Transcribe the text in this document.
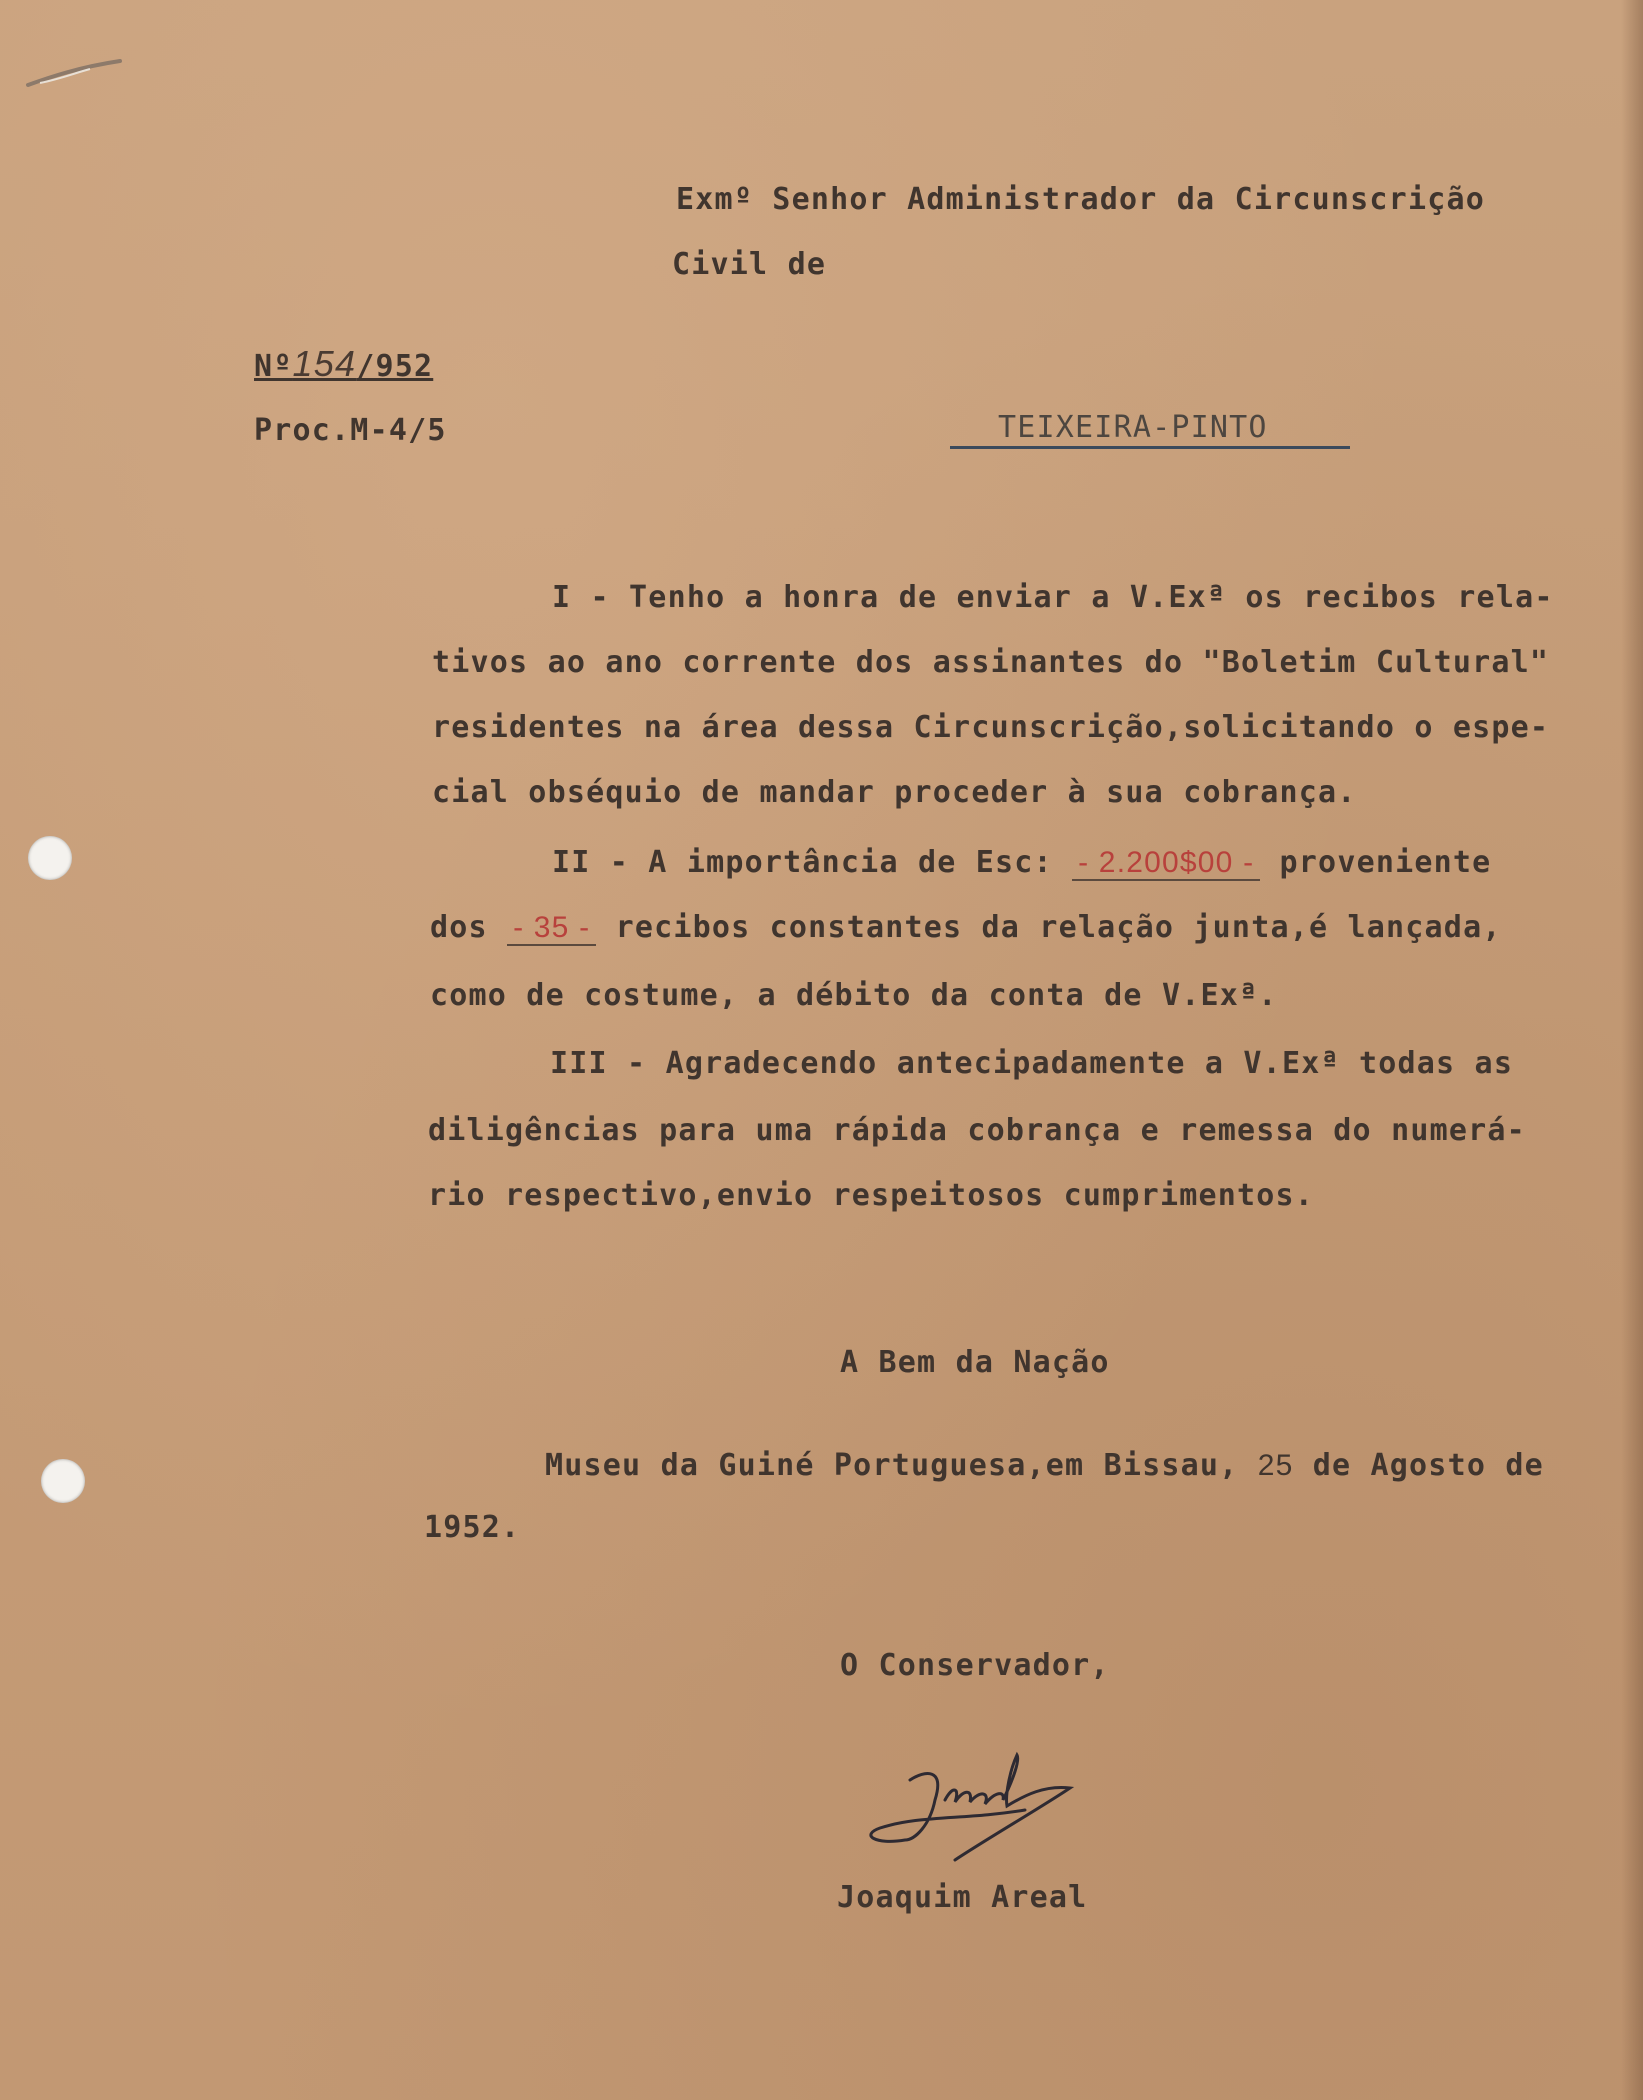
Exmº Senhor Administrador da Circunscrição
Civil de
Nº154/952
Proc.M-4/5	TEIXEIRA-PINTO
I - Tenho a honra de enviar a V.Exª os recibos rela-
tivos ao ano corrente dos assinantes do "Boletim Cultural"
residentes na área dessa Circunscrição,solicitando o espe-
cial obséquio de mandar proceder à sua cobrança.
II - A importância de Esc: - 2.200$00 - proveniente
dos - 35 - recibos constantes da relação junta,é lançada,
como de costume, a débito da conta de V.Exª.
III - Agradecendo antecipadamente a V.Exª todas as
diligências para uma rápida cobrança e remessa do numerá-
rio respectivo,envio respeitosos cumprimentos.
A Bem da Nação
Museu da Guiné Portuguesa,em Bissau, 25 de Agosto de
1952.
O Conservador,
Joaquim Areal
